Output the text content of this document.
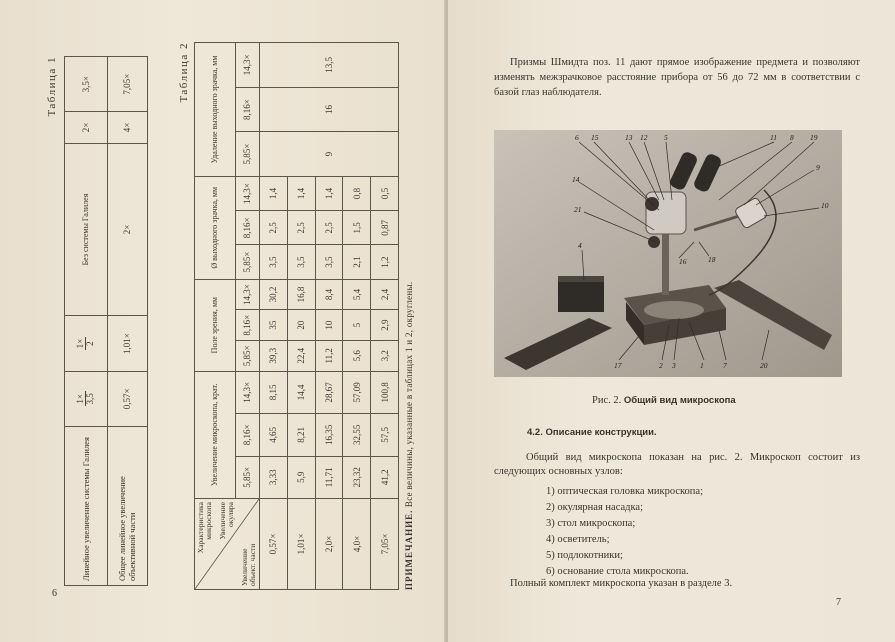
Таблица 1
Линейное увеличение системы Галилея	1× 3,5	1× 2	Без системы Галилея	2×	3,5×
Общее линейное увеличение объективной части	0,57×	1,01×	2×	4×	7,05×	Таблица 2
Характеристика микроскопа Увеличение окуляра
Увеличение объект. части	Увеличение микроскопа, крат.			Поле зрения, мм			Ø выходного зрачка, мм			Удаление выходного зрачка, мм		
	5,85×	8,16×	14,3×	5,85×	8,16×	14,3×	5,85×	8,16×	14,3×	5,85×	8,16×	14,3×
0,57×	3,33	4,65	8,15	39,3	35	30,2	3,5	2,5	1,4	9	16	13,5
1,01×	5,9	8,21	14,4	22,4	20	16,8	3,5	2,5	1,4			
2,0×	11,71	16,35	28,67	11,2	10	8,4	3,5	2,5	1,4			
4,0×	23,32	32,55	57,09	5,6	5	5,4	2,1	1,5	0,8			
7,05×	41,2	57,5	100,8	3,2	2,9	2,4	1,2	0,87	0,5			
ПРИМЕЧАНИЕ. Все величины, указанные в таблицах 1 и 2, округлены.
6

Призмы Шмидта поз. 11 дают прямое изображение предмета и позволяют изменять межзрачковое расстояние прибора от 56 до 72 мм в соответствии с базой глаз наблюдателя.

6 15	13 12 5	11 8 19
9
10
14
21
16	18
17	2	1	7	20
3
4
Рис. 2. Общий вид микроскопа
4.2. Описание конструкции.

Общий вид микроскопа показан на рис. 2. Микроскоп состоит из следующих основных узлов:

1) оптическая головка микроскопа;
2) окулярная насадка;
3) стол микроскопа;
4) осветитель;
5) подлокотники;
6) основание стола микроскопа.
Полный комплект микроскопа указан в разделе 3.
7
